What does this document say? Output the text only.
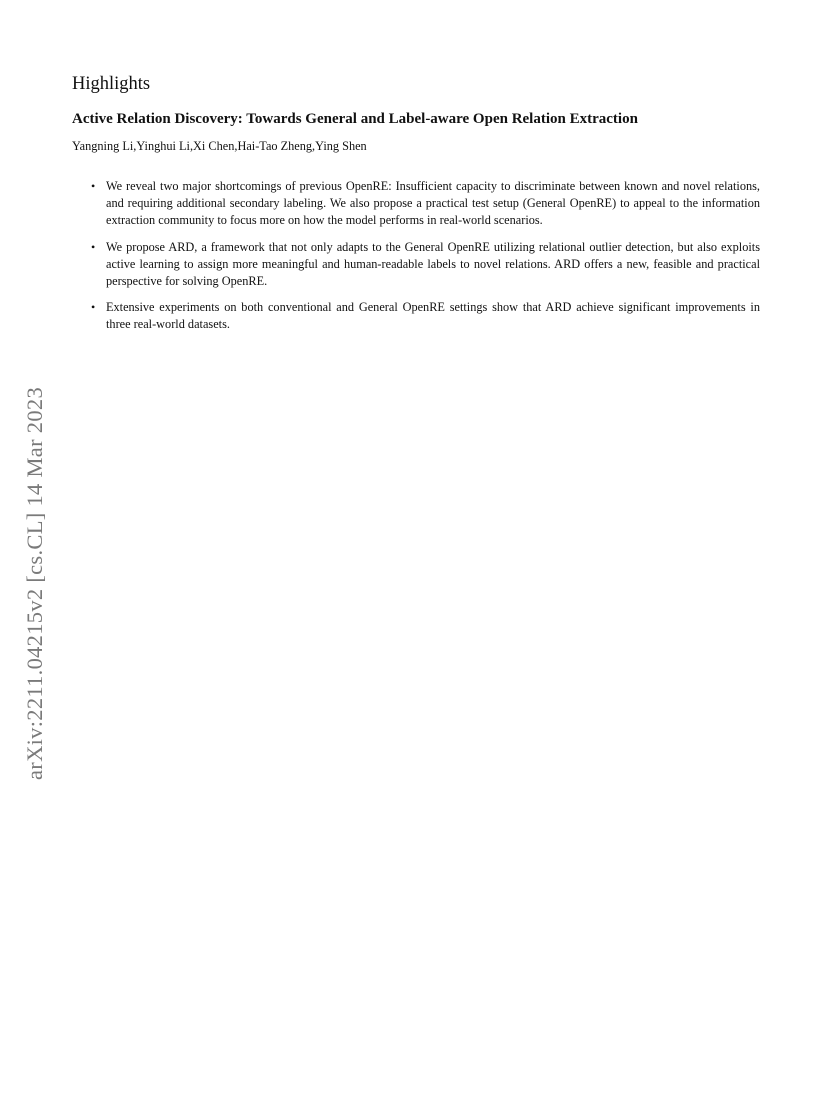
arXiv:2211.04215v2 [cs.CL] 14 Mar 2023
Highlights
Active Relation Discovery: Towards General and Label-aware Open Relation Extraction

Yangning Li,Yinghui Li,Xi Chen,Hai-Tao Zheng,Ying Shen

• We reveal two major shortcomings of previous OpenRE: Insufficient capacity to discriminate between known and novel relations, and requiring additional secondary labeling. We also propose a practical test setup (General OpenRE) to appeal to the information extraction community to focus more on how the model performs in real-world scenarios.
• We propose ARD, a framework that not only adapts to the General OpenRE utilizing relational outlier detection, but also exploits active learning to assign more meaningful and human-readable labels to novel relations. ARD offers a new, feasible and practical perspective for solving OpenRE.
• Extensive experiments on both conventional and General OpenRE settings show that ARD achieve significant improvements in three real-world datasets.
